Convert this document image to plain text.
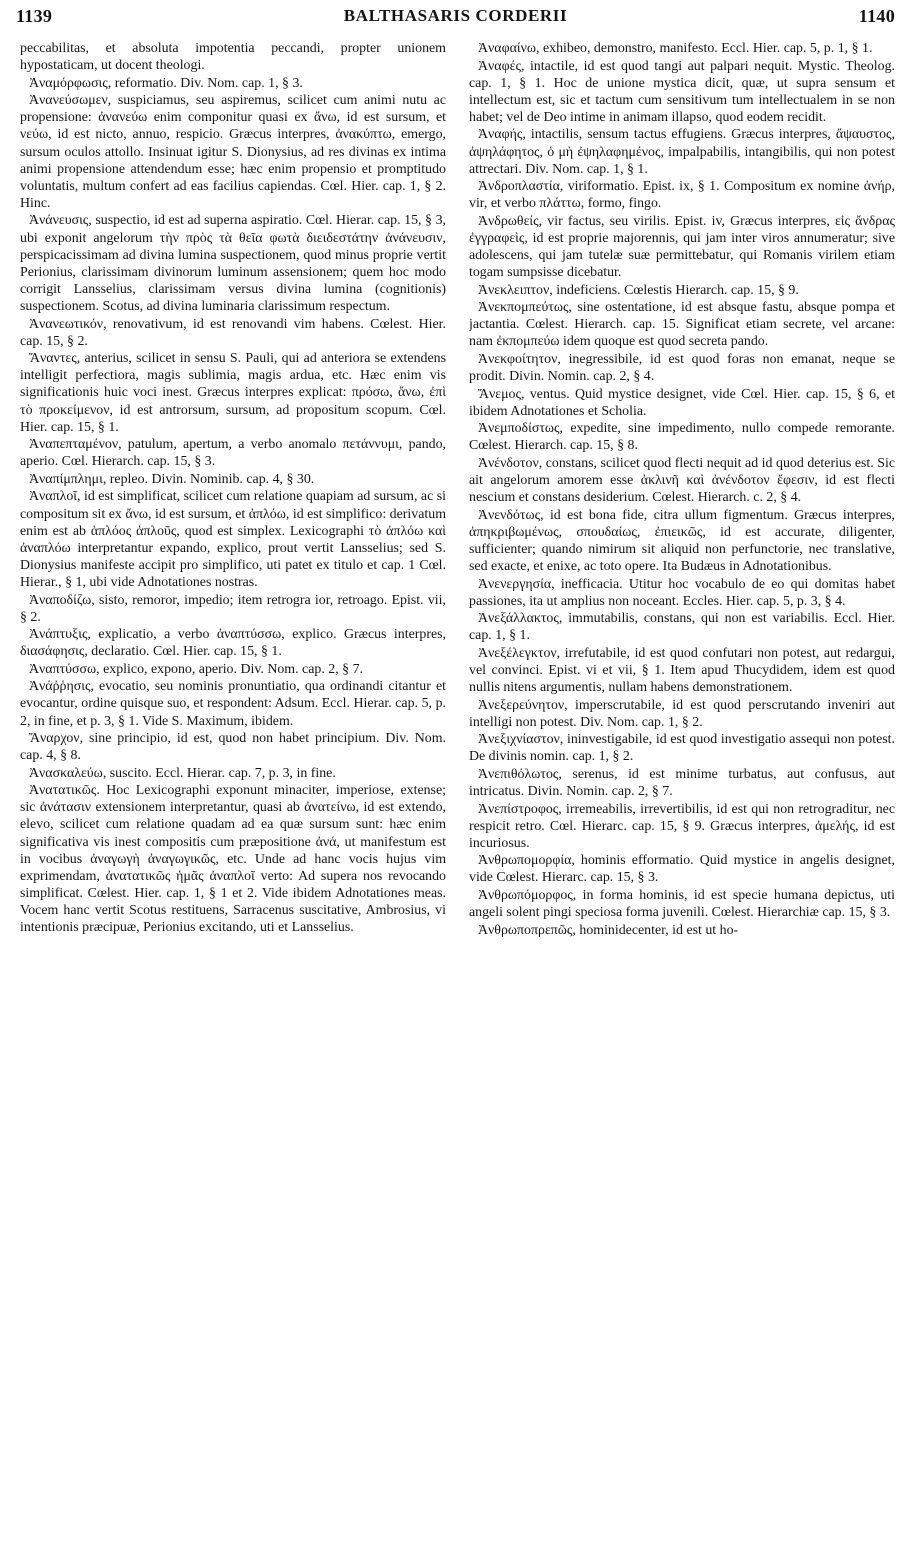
1139	BALTHASARIS CORDERII	1140

peccabilitas, et absoluta impotentia peccandi, propter unionem hypostaticam, ut docent theologi.

Ἀναμόρφωσις, reformatio. Div. Nom. cap. 1, § 3.

Ἀνανεύσωμεν, suspiciamus, seu aspiremus, scilicet cum animi nutu ac propensione: ἀνανεύω enim componitur quasi ex ἄνω, id est sursum, et νεύω, id est nicto, annuo, respicio. Græcus interpres, ἀνακύπτω, emergo, sursum oculos attollo. Insinuat igitur S. Dionysius, ad res divinas ex intima animi propensione attendendum esse; hæc enim propensio et promptitudo voluntatis, multum confert ad eas facilius capiendas. Cœl. Hier. cap. 1, § 2. Hinc.

Ἀνάνευσις, suspectio, id est ad superna aspiratio. Cœl. Hierar. cap. 15, § 3, ubi exponit angelorum τὴν πρὸς τὰ θεῖα φωτὰ διειδεστάτην ἀνάνευσιν, perspicacissimam ad divina lumina suspectionem, quod minus proprie vertit Perionius, clarissimam divinorum luminum assensionem; quem hoc modo corrigit Lansselius, clarissimam versus divina lumina (cognitionis) suspectionem. Scotus, ad divina luminaria clarissimum respectum.

Ἀνανεωτικόν, renovativum, id est renovandi vim habens. Cœlest. Hier. cap. 15, § 2.

Ἄναντες, anterius, scilicet in sensu S. Pauli, qui ad anteriora se extendens intelligit perfectiora, magis sublimia, magis ardua, etc. Hæc enim vis significationis huic voci inest. Græcus interpres explicat: πρόσω, ἄνω, ἐπὶ τὸ προκείμενον, id est antrorsum, sursum, ad propositum scopum. Cœl. Hier. cap. 15, § 1.

Ἀναπεπταμένον, patulum, apertum, a verbo anomalo πετάννυμι, pando, aperio. Cœl. Hierarch. cap. 15, § 3.

Ἀναπίμπλημι, repleo. Divin. Nominib. cap. 4, § 30.

Ἀναπλοῖ, id est simplificat, scilicet cum relatione quapiam ad sursum, ac si compositum sit ex ἄνω, id est sursum, et ἀπλόω, id est simplifico: derivatum enim est ab ἁπλόος ἁπλοῦς, quod est simplex. Lexicographi τὸ ἀπλόω καὶ ἀναπλόω interpretantur expando, explico, prout vertit Lansselius; sed S. Dionysius manifeste accipit pro simplifico, uti patet ex titulo et cap. 1 Cœl. Hierar., § 1, ubi vide Adnotationes nostras.

Ἀναποδίζω, sisto, remoror, impedio; item retrogra ior, retroago. Epist. vii, § 2.

Ἀνάπτυξις, explicatio, a verbo ἀναπτύσσω, explico. Græcus interpres, διασάφησις, declaratio. Cœl. Hier. cap. 15, § 1.

Ἀναπτύσσω, explico, expono, aperio. Div. Nom. cap. 2, § 7.

Ἀνάῤῥησις, evocatio, seu nominis pronuntiatio, qua ordinandi citantur et evocantur, ordine quisque suo, et respondent: Adsum. Eccl. Hierar. cap. 5, p. 2, in fine, et p. 3, § 1. Vide S. Maximum, ibidem.

Ἄναρχον, sine principio, id est, quod non habet principium. Div. Nom. cap. 4, § 8.

Ἀνασκαλεύω, suscito. Eccl. Hierar. cap. 7, p. 3, in fine.

Ἀνατατικῶς. Hoc Lexicographi exponunt minaciter, imperiose, extense; sic ἀνάτασιν extensionem interpretantur, quasi ab ἀνατείνω, id est extendo, elevo, scilicet cum relatione quadam ad ea quæ sursum sunt: hæc enim significativa vis inest compositis cum præpositione ἀνά, ut manifestum est in vocibus ἀναγωγὴ ἀναγωγικῶς, etc. Unde ad hanc vocis hujus vim exprimendam, ἀνατατικῶς ἡμᾶς ἀναπλοῖ verto: Ad supera nos revocando simplificat. Cœlest. Hier. cap. 1, § 1 et 2. Vide ibidem Adnotationes meas. Vocem hanc vertit Scotus restituens, Sarracenus suscitative, Ambrosius, vi intentionis præcipuæ, Perionius excitando, uti et Lansselius.

Ἀναφαίνω, exhibeo, demonstro, manifesto. Eccl. Hier. cap. 5, p. 1, § 1.

Ἀναφές, intactile, id est quod tangi aut palpari nequit. Mystic. Theolog. cap. 1, § 1. Hoc de unione mystica dicit, quæ, ut supra sensum et intellectum est, sic et tactum cum sensitivum tum intellectualem in se non habet; vel de Deo intime in animam illapso, quod eodem recidit.

Ἀναφής, intactilis, sensum tactus effugiens. Græcus interpres, ἄψαυστος, ἀψηλάφητος, ὁ μὴ ἐψηλαφημένος, impalpabilis, intangibilis, qui non potest attrectari. Div. Nom. cap. 1, § 1.

Ἀνδροπλαστία, viriformatio. Epist. ix, § 1. Compositum ex nomine ἀνήρ, vir, et verbo πλάττω, formo, fingo.

Ἀνδρωθείς, vir factus, seu virilis. Epist. iv, Græcus interpres, εἰς ἄνδρας ἐγγραφεὶς, id est proprie majorennis, qui jam inter viros annumeratur; sive adolescens, qui jam tutelæ suæ permittebatur, qui Romanis virilem etiam togam sumpsisse dicebatur.

Ἀνεκλειπτον, indeficiens. Cœlestis Hierarch. cap. 15, § 9.

Ἀνεκπομπεύτως, sine ostentatione, id est absque fastu, absque pompa et jactantia. Cœlest. Hierarch. cap. 15. Significat etiam secrete, vel arcane: nam ἐκπομπεύω idem quoque est quod secreta pando.

Ἀνεκφοίτητον, inegressibile, id est quod foras non emanat, neque se prodit. Divin. Nomin. cap. 2, § 4.

Ἄνεμος, ventus. Quid mystice designet, vide Cœl. Hier. cap. 15, § 6, et ibidem Adnotationes et Scholia.

Ἀνεμποδίστως, expedite, sine impedimento, nullo compede remorante. Cœlest. Hierarch. cap. 15, § 8.

Ἀνένδοτον, constans, scilicet quod flecti nequit ad id quod deterius est. Sic ait angelorum amorem esse ἀκλινῆ καὶ ἀνένδοτον ἔφεσιν, id est flecti nescium et constans desiderium. Cœlest. Hierarch. c. 2, § 4.

Ἀνενδότως, id est bona fide, citra ullum figmentum. Græcus interpres, ἀπηκριβωμένως, σπουδαίως, ἐπιεικῶς, id est accurate, diligenter, sufficienter; quando nimirum sit aliquid non perfunctorie, nec translative, sed exacte, et enixe, ac toto opere. Ita Budæus in Adnotationibus.

Ἀνενεργησία, inefficacia. Utitur hoc vocabulo de eo qui domitas habet passiones, ita ut amplius non noceant. Eccles. Hier. cap. 5, p. 3, § 4.

Ἀνεξάλλακτος, immutabilis, constans, qui non est variabilis. Eccl. Hier. cap. 1, § 1.

Ἀνεξέλεγκτον, irrefutabile, id est quod confutari non potest, aut redargui, vel convinci. Epist. vi et vii, § 1. Item apud Thucydidem, idem est quod nullis nitens argumentis, nullam habens demonstrationem.

Ἀνεξερεύνητον, imperscrutabile, id est quod perscrutando inveniri aut intelligi non potest. Div. Nom. cap. 1, § 2.

Ἀνεξιχνίαστον, ininvestigabile, id est quod investigatio assequi non potest. De divinis nomin. cap. 1, § 2.

Ἀνεπιθόλωτος, serenus, id est minime turbatus, aut confusus, aut intricatus. Divin. Nomin. cap. 2, § 7.

Ἀνεπίστροφος, irremeabilis, irrevertibilis, id est qui non retrograditur, nec respicit retro. Cœl. Hierarc. cap. 15, § 9. Græcus interpres, ἀμελής, id est incuriosus.

Ἀνθρωπομορφία, hominis efformatio. Quid mystice in angelis designet, vide Cœlest. Hierarc. cap. 15, § 3.

Ἀνθρωπόμορφος, in forma hominis, id est specie humana depictus, uti angeli solent pingi speciosa forma juvenili. Cœlest. Hierarchiæ cap. 15, § 3.

Ἀνθρωποπρεπῶς, hominidecenter, id est ut ho-
